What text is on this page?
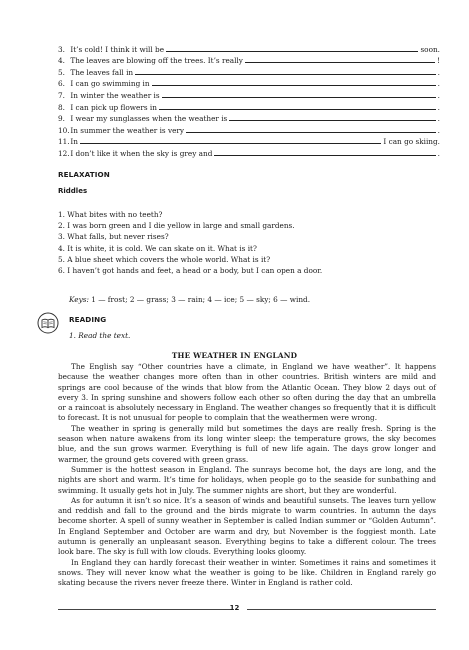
3.
It’s cold! I think it will be	soon.
4.
The leaves are blowing off the trees. It’s really	!
5.
The leaves fall in	.
6.
I can go swimming in	.
7.
In winter the weather is	.
8.
I can pick up flowers in	.
9.
I wear my sunglasses when the weather is	.
10.
In summer the weather is very	.
11.
In	I can go skiing.
12.
I don’t like it when the sky is grey and	.
RELAXATION
Riddles
1. What bites with no teeth?
2. I was born green and I die yellow in large and small gardens.
3. What falls, but never rises?
4. It is white, it is cold. We can skate on it. What is it?
5. A blue sheet which covers the whole world. What is it?
6. I haven’t got hands and feet, a head or a body, but I can open a door.
Keys: 1 — frost; 2 — grass; 3 — rain; 4 — ice; 5 — sky; 6 — wind.
READING
1. Read the text.
THE WEATHER IN ENGLAND

The English say “Other countries have a climate, in England we have weather”. It happens because the weather changes more often than in other countries. British winters are mild and springs are cool because of the winds that blow from the Atlantic Ocean. They blow 2 days out of every 3. In spring sunshine and showers follow each other so often during the day that an umbrella or a raincoat is absolutely necessary in England. The weather changes so frequently that it is difficult to forecast. It is not unusual for people to complain that the weathermen were wrong.

The weather in spring is generally mild but sometimes the days are really fresh. Spring is the season when nature awakens from its long winter sleep: the temperature grows, the sky becomes blue, and the sun grows warmer. Everything is full of new life again. The days grow longer and warmer, the ground gets covered with green grass.

Summer is the hottest season in England. The sunrays become hot, the days are long, and the nights are short and warm. It’s time for holidays, when people go to the seaside for sunbathing and swimming. It usually gets hot in July. The summer nights are short, but they are wonderful.

As for autumn it isn’t so nice. It’s a season of winds and beautiful sunsets. The leaves turn yellow and reddish and fall to the ground and the birds migrate to warm countries. In autumn the days become shorter. A spell of sunny weather in September is called Indian summer or “Golden Autumn”. In England September and October are warm and dry, but November is the foggiest month. Late autumn is generally an unpleasant season. Everything begins to take a different colour. The trees look bare. The sky is full with low clouds. Everything looks gloomy.

In England they can hardly forecast their weather in winter. Sometimes it rains and sometimes it snows. They will never know what the weather is going to be like. Children in England rarely go skating because the rivers never freeze there. Winter in England is rather cold.

12
